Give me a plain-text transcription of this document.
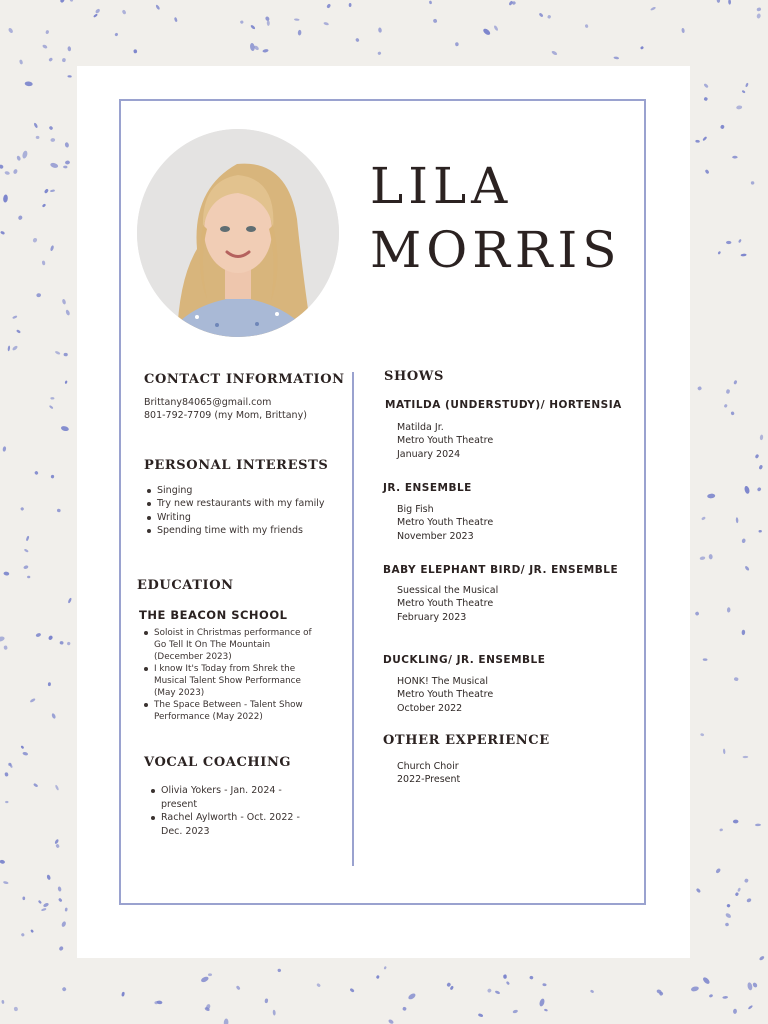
LILA
MORRIS
CONTACT INFORMATION
Brittany84065@gmail.com
801-792-7709 (my Mom, Brittany)
PERSONAL INTERESTS
Singing
Try new restaurants with my family
Writing
Spending time with my friends
EDUCATION
THE BEACON SCHOOL
Soloist in Christmas performance of
Go Tell It On The Mountain
(December 2023)
I know It's Today from Shrek the
Musical Talent Show Performance
(May 2023)
The Space Between - Talent Show
Performance (May 2022)
VOCAL COACHING
Olivia Yokers - Jan. 2024 -
present
Rachel Aylworth - Oct. 2022 -
Dec. 2023
SHOWS
MATILDA (UNDERSTUDY)/ HORTENSIA
Matilda Jr.
Metro Youth Theatre
January 2024
JR. ENSEMBLE
Big Fish
Metro Youth Theatre
November 2023
BABY ELEPHANT BIRD/ JR. ENSEMBLE
Suessical the Musical
Metro Youth Theatre
February 2023
DUCKLING/ JR. ENSEMBLE
HONK! The Musical
Metro Youth Theatre
October 2022
OTHER EXPERIENCE
Church Choir
2022-Present
